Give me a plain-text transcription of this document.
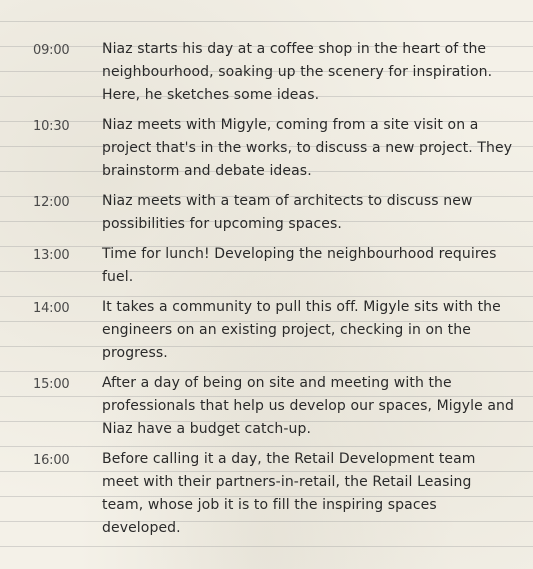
09:00	Niaz starts his day at a coffee shop in the heart of the neighbourhood, soaking up the scenery for inspiration. Here, he sketches some ideas.
10:30	Niaz meets with Migyle, coming from a site visit on a project that's in the works, to discuss a new project. They brainstorm and debate ideas.
12:00	Niaz meets with a team of architects to discuss new possibilities for upcoming spaces.
13:00	Time for lunch! Developing the neighbourhood requires fuel.
14:00	It takes a community to pull this off. Migyle sits with the engineers on an existing project, checking in on the progress.
15:00	After a day of being on site and meeting with the professionals that help us develop our spaces, Migyle and Niaz have a budget catch-up.
16:00	Before calling it a day, the Retail Development team meet with their partners-in-retail, the Retail Leasing team, whose job it is to fill the inspiring spaces developed.
